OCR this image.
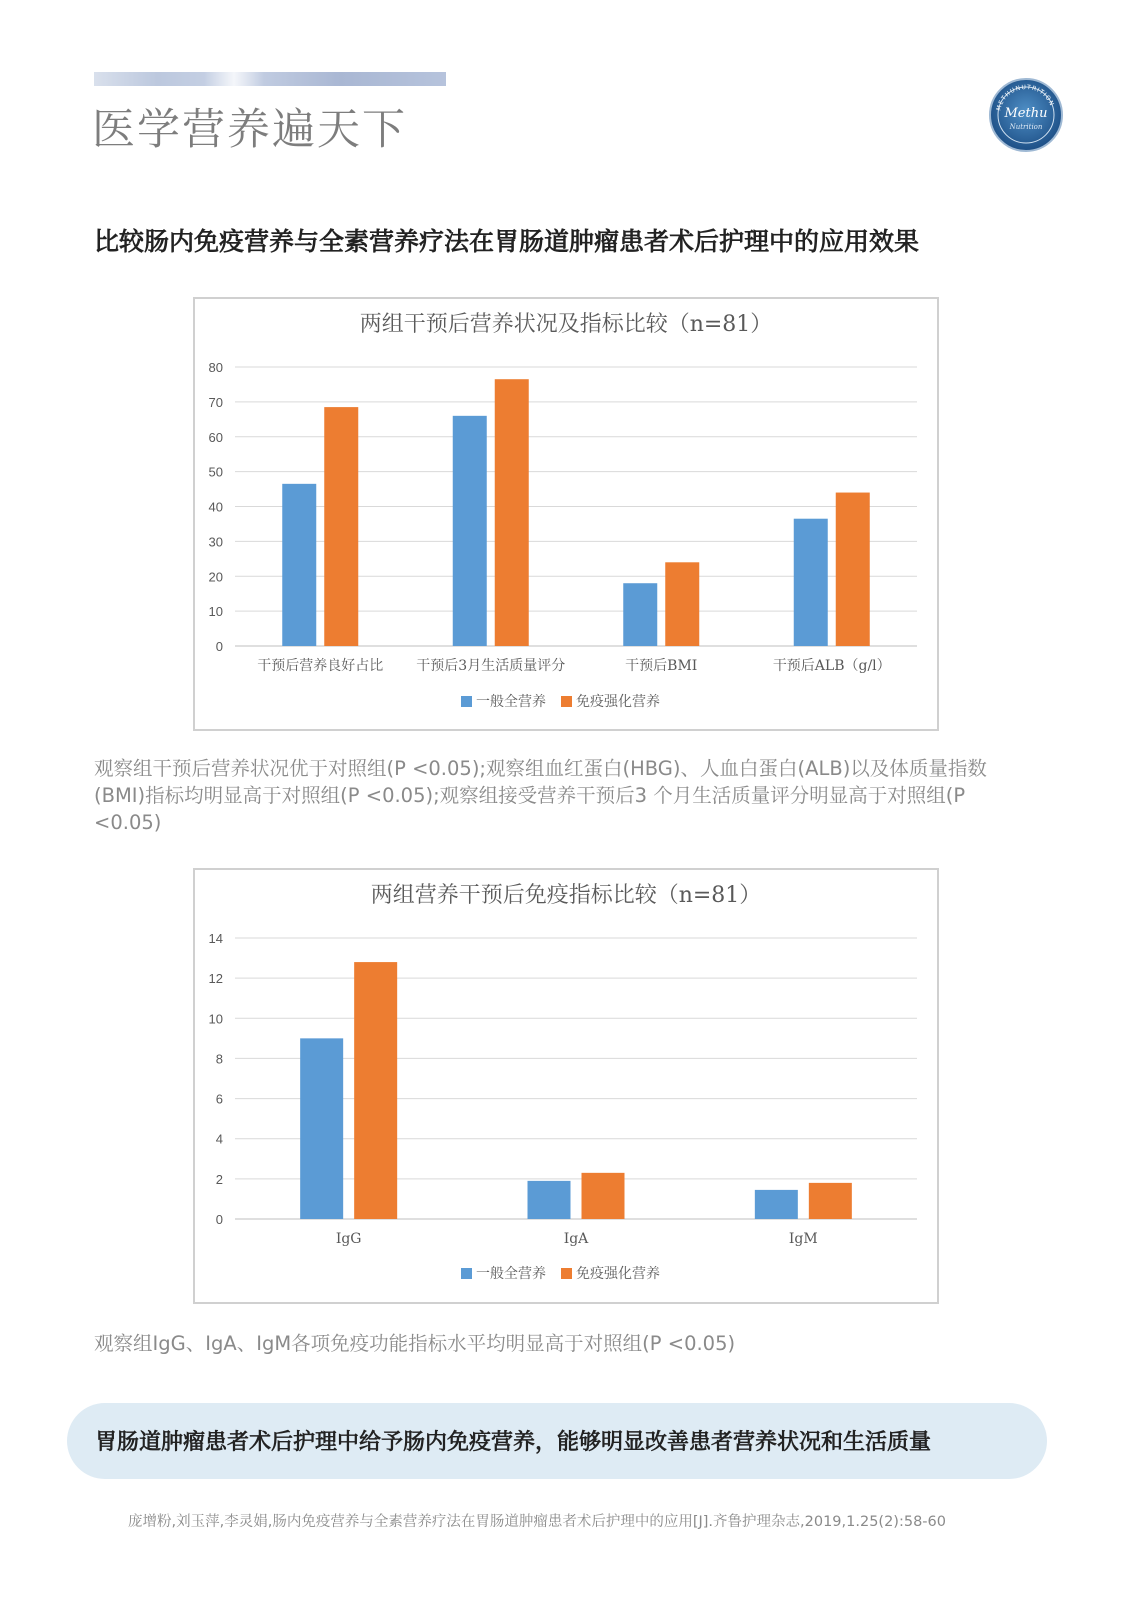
医学营养遍天下	METHUNUTRITION
Methu
Nutrition
比较肠内免疫营养与全素营养疗法在胃肠道肿瘤患者术后护理中的应用效果
两组干预后营养状况及指标比较（n=81）
0
10
20
30
40
50
60
70
80
干预后营养良好占比 干预后3月生活质量评分	干预后BMI	干预后ALB（g/l）
一般全营养 免疫强化营养
观察组干预后营养状况优于对照组(P <0.05);观察组血红蛋白(HBG)、人血白蛋白(ALB)以及体质量指数(BMI)指标均明显高于对照组(P <0.05);观察组接受营养干预后3 个月生活质量评分明显高于对照组(P <0.05)
两组营养干预后免疫指标比较（n=81）
0
2
4
6
8
10
12
14
IgG	IgA	IgM
一般全营养 免疫强化营养
观察组IgG、IgA、IgM各项免疫功能指标水平均明显高于对照组(P <0.05)
胃肠道肿瘤患者术后护理中给予肠内免疫营养，能够明显改善患者营养状况和生活质量
庞增粉,刘玉萍,李灵娟,肠内免疫营养与全素营养疗法在胃肠道肿瘤患者术后护理中的应用[J].齐鲁护理杂志,2019,1.25(2):58-60
